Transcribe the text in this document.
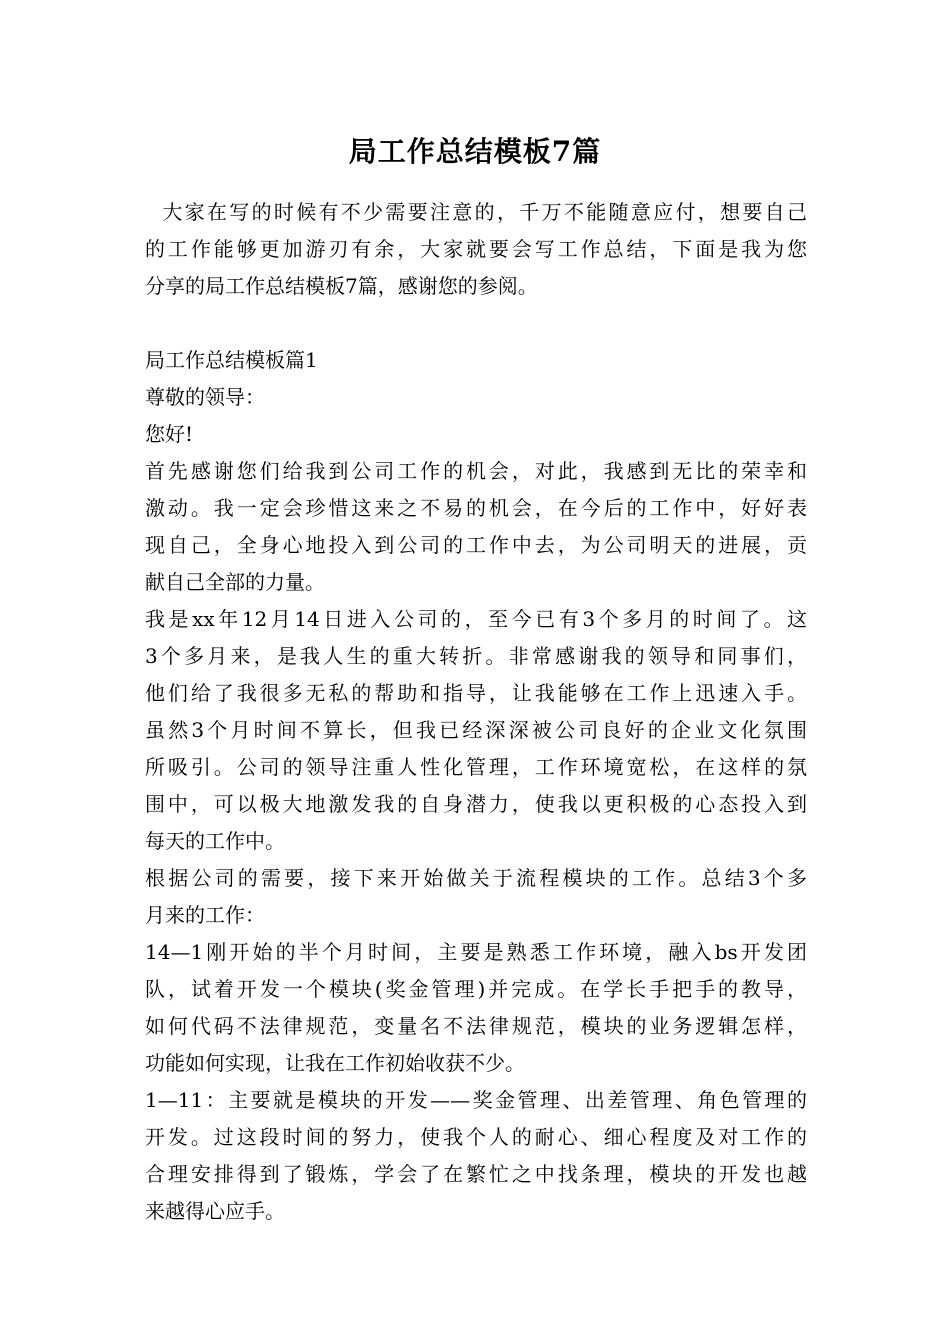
局工作总结模板7篇
大家在写的时候有不少需要注意的，千万不能随意应付，想要自己
的工作能够更加游刃有余，大家就要会写工作总结，下面是我为您
分享的局工作总结模板7篇，感谢您的参阅。
局工作总结模板篇1
尊敬的领导：
您好!
首先感谢您们给我到公司工作的机会，对此，我感到无比的荣幸和
激动。我一定会珍惜这来之不易的机会，在今后的工作中，好好表
现自己，全身心地投入到公司的工作中去，为公司明天的进展，贡
献自己全部的力量。
我是xx年12月14日进入公司的，至今已有3个多月的时间了。这
3个多月来，是我人生的重大转折。非常感谢我的领导和同事们，
他们给了我很多无私的帮助和指导，让我能够在工作上迅速入手。
虽然3个月时间不算长，但我已经深深被公司良好的企业文化氛围
所吸引。公司的领导注重人性化管理，工作环境宽松，在这样的氛
围中，可以极大地激发我的自身潜力，使我以更积极的心态投入到
每天的工作中。
根据公司的需要，接下来开始做关于流程模块的工作。总结3个多
月来的工作：
14—1刚开始的半个月时间，主要是熟悉工作环境，融入bs开发团
队，试着开发一个模块(奖金管理)并完成。在学长手把手的教导，
如何代码不法律规范，变量名不法律规范，模块的业务逻辑怎样，
功能如何实现，让我在工作初始收获不少。
1—11：主要就是模块的开发——奖金管理、出差管理、角色管理的
开发。过这段时间的努力，使我个人的耐心、细心程度及对工作的
合理安排得到了锻炼，学会了在繁忙之中找条理，模块的开发也越
来越得心应手。
